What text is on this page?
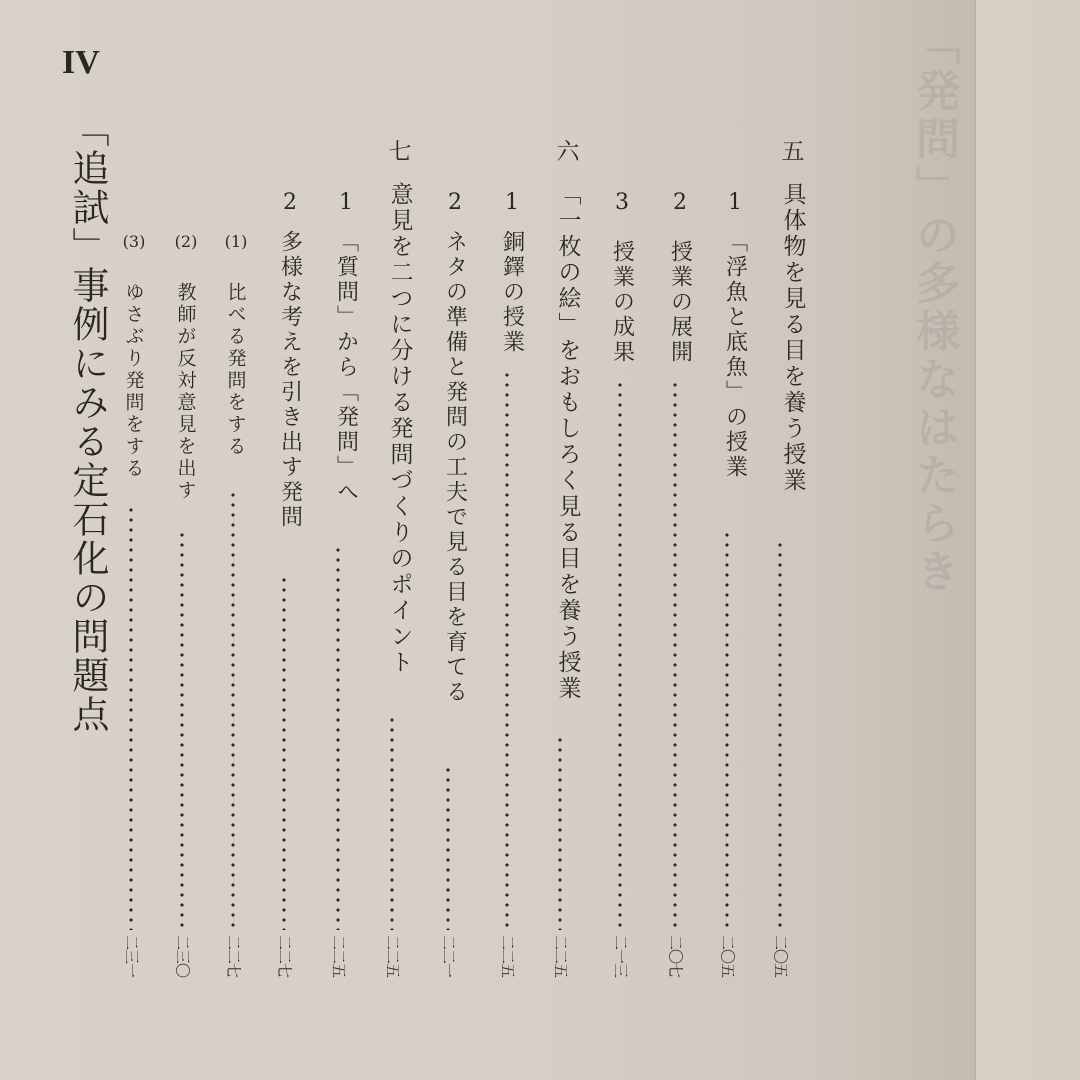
IV
「追試」事例にみる定石化の問題点	五
具体物を見る目を養う授業
二〇五
1
「浮魚と底魚」の授業
二〇五
2
授業の展開
二〇七
3
授業の成果
二一三
六
「一枚の絵」をおもしろく見る目を養う授業
二二五
1
銅鐸の授業
二二五
2
ネタの準備と発問の工夫で見る目を育てる
二二一
七
意見を二つに分ける発問づくりのポイント
二二五
1
「質問」から「発問」へ
二二五
2
多様な考えを引き出す発問
二二七
(1)
比べる発問をする
二二七
(2)
教師が反対意見を出す
二三〇
(3)
ゆさぶり発問をする
二三一
